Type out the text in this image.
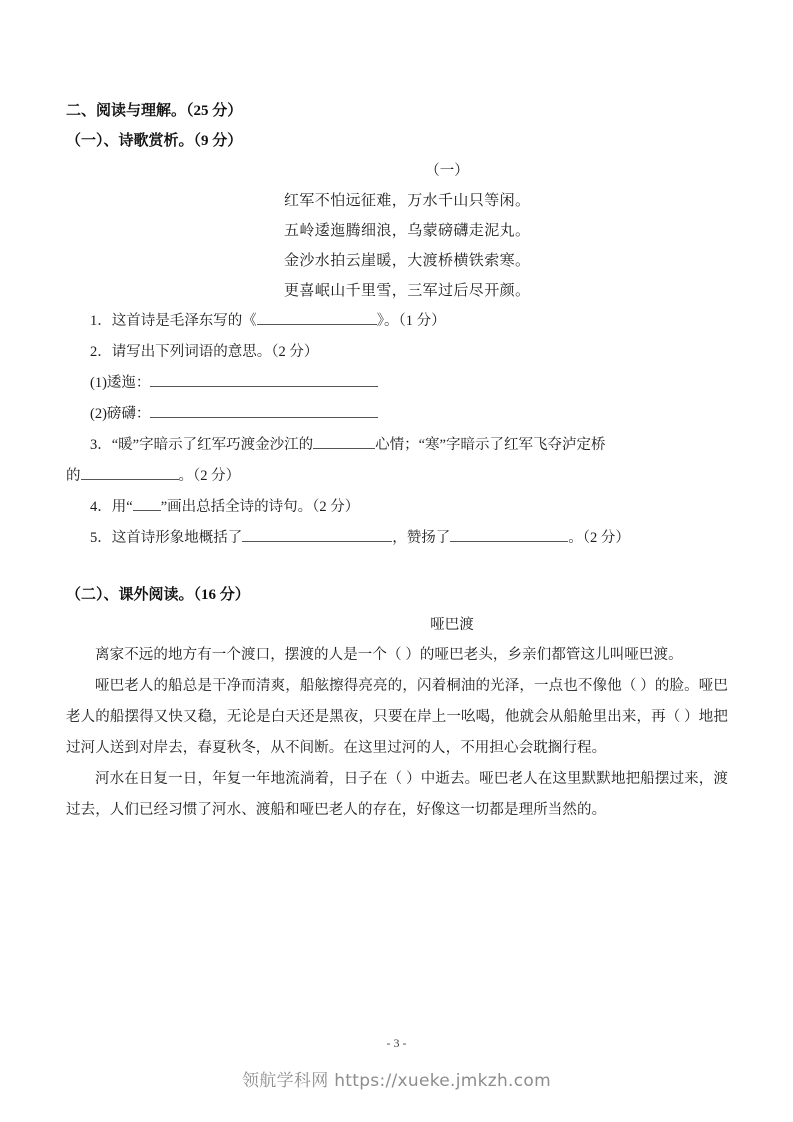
二、阅读与理解。（25 分）
（一）、诗歌赏析。（9 分）
（一）
红军不怕远征难，万水千山只等闲。
五岭逶迤腾细浪，乌蒙磅礴走泥丸。
金沙水拍云崖暖，大渡桥横铁索寒。
更喜岷山千里雪，三军过后尽开颜。
1．这首诗是毛泽东写的《	》。（1 分）
2．请写出下列词语的意思。（2 分）
(1)逶迤：
(2)磅礴：
3．“暖”字暗示了红军巧渡金沙江的	心情；“寒”字暗示了红军飞夺泸定桥
的	。（2 分）
4．用“ ”画出总括全诗的诗句。（2 分）
5．这首诗形象地概括了	，赞扬了	。（2 分）
（二）、课外阅读。（16 分）
哑巴渡
离家不远的地方有一个渡口，摆渡的人是一个（ ）的哑巴老头，乡亲们都管这儿叫哑巴渡。
哑巴老人的船总是干净而清爽，船舷擦得亮亮的，闪着桐油的光泽，一点也不像他（ ）的脸。哑巴老人的船摆得又快又稳，无论是白天还是黑夜，只要在岸上一吆喝，他就会从船舱里出来，再（ ）地把过河人送到对岸去，春夏秋冬，从不间断。在这里过河的人，不用担心会耽搁行程。
河水在日复一日，年复一年地流淌着，日子在（ ）中逝去。哑巴老人在这里默默地把船摆过来，渡过去，人们已经习惯了河水、渡船和哑巴老人的存在，好像这一切都是理所当然的。
- 3 -
领航学科网 https://xueke.jmkzh.com
